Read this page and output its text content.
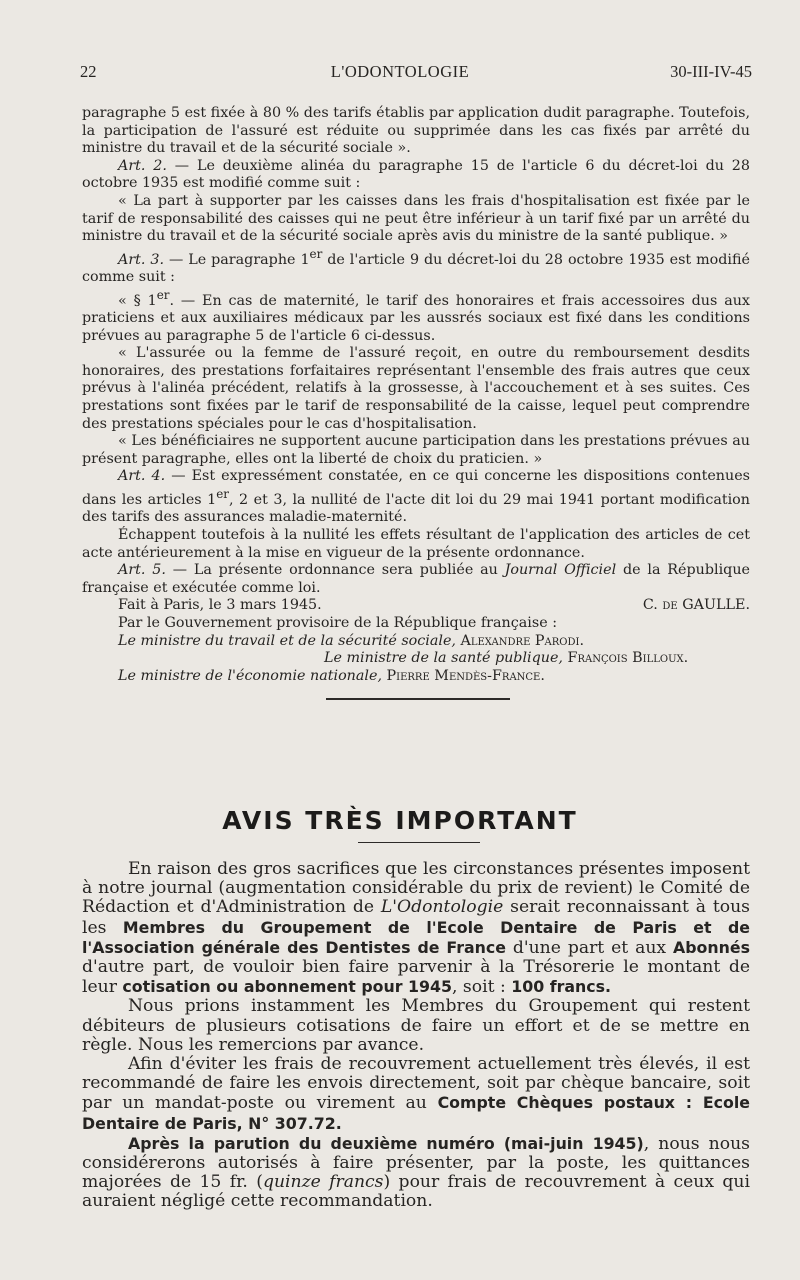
22	L'ODONTOLOGIE	30-III-IV-45

paragraphe 5 est fixée à 80 % des tarifs établis par application dudit paragraphe. Toutefois, la participation de l'assuré est réduite ou supprimée dans les cas fixés par arrêté du ministre du travail et de la sécurité sociale ».

Art. 2. — Le deuxième alinéa du paragraphe 15 de l'article 6 du décret-loi du 28 octobre 1935 est modifié comme suit :

« La part à supporter par les caisses dans les frais d'hospitalisation est fixée par le tarif de responsabilité des caisses qui ne peut être inférieur à un tarif fixé par un arrêté du ministre du travail et de la sécurité sociale après avis du ministre de la santé publique. »

Art. 3. — Le paragraphe 1er de l'article 9 du décret-loi du 28 octobre 1935 est modifié comme suit :

« § 1er. — En cas de maternité, le tarif des honoraires et frais accessoires dus aux praticiens et aux auxiliaires médicaux par les aussrés sociaux est fixé dans les conditions prévues au paragraphe 5 de l'article 6 ci-dessus.

« L'assurée ou la femme de l'assuré reçoit, en outre du remboursement desdits honoraires, des prestations forfaitaires représentant l'ensemble des frais autres que ceux prévus à l'alinéa précédent, relatifs à la grossesse, à l'accouchement et à ses suites. Ces prestations sont fixées par le tarif de responsabilité de la caisse, lequel peut comprendre des prestations spéciales pour le cas d'hospitalisation.

« Les bénéficiaires ne supportent aucune participation dans les prestations prévues au présent paragraphe, elles ont la liberté de choix du praticien. »

Art. 4. — Est expressément constatée, en ce qui concerne les dispositions contenues dans les articles 1er, 2 et 3, la nullité de l'acte dit loi du 29 mai 1941 portant modification des tarifs des assurances maladie-maternité.

Échappent toutefois à la nullité les effets résultant de l'application des articles de cet acte antérieurement à la mise en vigueur de la présente ordonnance.

Art. 5. — La présente ordonnance sera publiée au Journal Officiel de la République française et exécutée comme loi.

Fait à Paris, le 3 mars 1945.	C. de GAULLE.

Par le Gouvernement provisoire de la République française :

Le ministre du travail et de la sécurité sociale, Alexandre Parodi.

Le ministre de la santé publique, François Billoux.

Le ministre de l'économie nationale, Pierre Mendès-France.

AVIS TRÈS IMPORTANT

En raison des gros sacrifices que les circonstances présentes imposent à notre journal (augmentation considérable du prix de revient) le Comité de Rédaction et d'Administration de L'Odontologie serait reconnaissant à tous les Membres du Groupement de l'Ecole Dentaire de Paris et de l'Association générale des Dentistes de France d'une part et aux Abonnés d'autre part, de vouloir bien faire parvenir à la Trésorerie le montant de leur cotisation ou abonnement pour 1945, soit : 100 francs.

Nous prions instamment les Membres du Groupement qui restent débiteurs de plusieurs cotisations de faire un effort et de se mettre en règle. Nous les remercions par avance.

Afin d'éviter les frais de recouvrement actuellement très élevés, il est recommandé de faire les envois directement, soit par chèque bancaire, soit par un mandat-poste ou virement au Compte Chèques postaux : Ecole Dentaire de Paris, N° 307.72.

Après la parution du deuxième numéro (mai-juin 1945), nous nous considérerons autorisés à faire présenter, par la poste, les quittances majorées de 15 fr. (quinze francs) pour frais de recouvrement à ceux qui auraient négligé cette recommandation.
